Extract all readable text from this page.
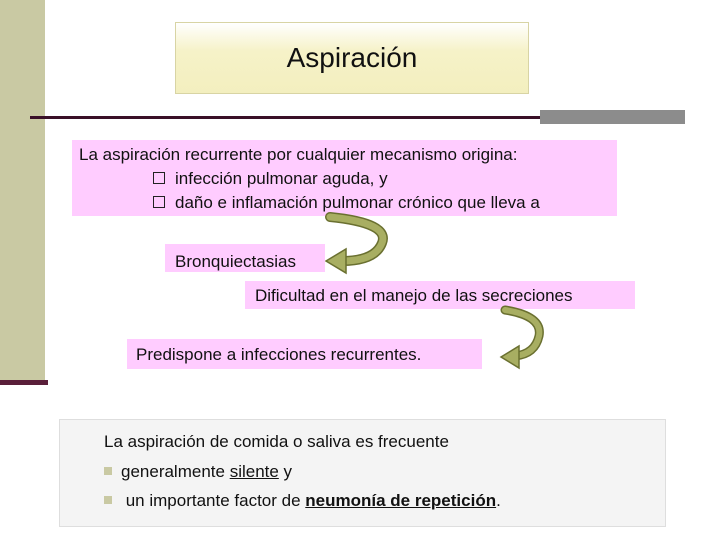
Aspiración
La aspiración recurrente por cualquier mecanismo origina:
infección pulmonar aguda, y
daño e inflamación pulmonar crónico que lleva a
Bronquiectasias
Dificultad en el manejo de las secreciones
Predispone a infecciones recurrentes.
La aspiración de comida o saliva es frecuente
generalmente silente y
un importante factor de neumonía de repetición.
